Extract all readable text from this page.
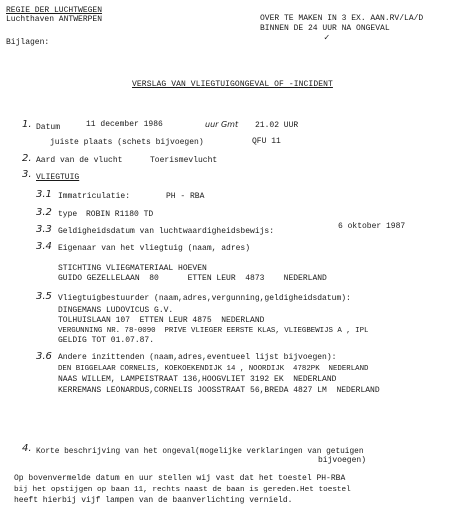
REGIE DER LUCHTWEGEN
Luchthaven ANTWERPEN	OVER TE MAKEN IN 3 EX. AAN.RV/LA/D
BINNEN DE 24 UUR NA ONGEVAL
✓
Bijlagen:
VERSLAG VAN VLIEGTUIGONGEVAL OF -INCIDENT
1. Datum	11 december 1986	uur Gmt 21.02 UUR
juiste plaats (schets bijvoegen)	QFU 11
2. Aard van de vlucht	Toerismevlucht
3. VLIEGTUIG
3.1 Immatriculatie:	PH - RBA
3.2 type ROBIN R1180 TD
3.3 Geldigheidsdatum van luchtwaardigheidsbewijs:
6 oktober 1987
3.4 Eigenaar van het vliegtuig (naam, adres)
STICHTING VLIEGMATERIAAL HOEVEN
GUIDO GEZELLELAAN  80      ETTEN LEUR  4873    NEDERLAND
3.5 Vliegtuigbestuurder (naam,adres,vergunning,geldigheidsdatum):
DINGEMANS LUDOVICUS G.V.
TOLHUISLAAN 107  ETTEN LEUR 4875  NEDERLAND
VERGUNNING NR. 78-0090  PRIVE VLIEGER EERSTE KLAS, VLIEGBEWIJS A , IPL
GELDIG TOT 01.07.87.
3.6 Andere inzittenden (naam,adres,eventueel lijst bijvoegen):
DEN BIGGELAAR CORNELIS, KOEKOEKENDIJK 14 , NOORDIJK  4782PK  NEDERLAND
NAAS WILLEM, LAMPEISTRAAT 136,HOOGVLIET 3192 EK  NEDERLAND
KERREMANS LEONARDUS,CORNELIS JOOSSTRAAT 56,BREDA 4827 LM  NEDERLAND
4. Korte beschrijving van het ongeval(mogelijke verklaringen van getuigen
bijvoegen)
Op bovenvermelde datum en uur stellen wij vast dat het toestel PH-RBA
bij het opstijgen op baan 11, rechts naast de baan is gereden.Het toestel
heeft hierbij vijf lampen van de baanverlichting vernield.
